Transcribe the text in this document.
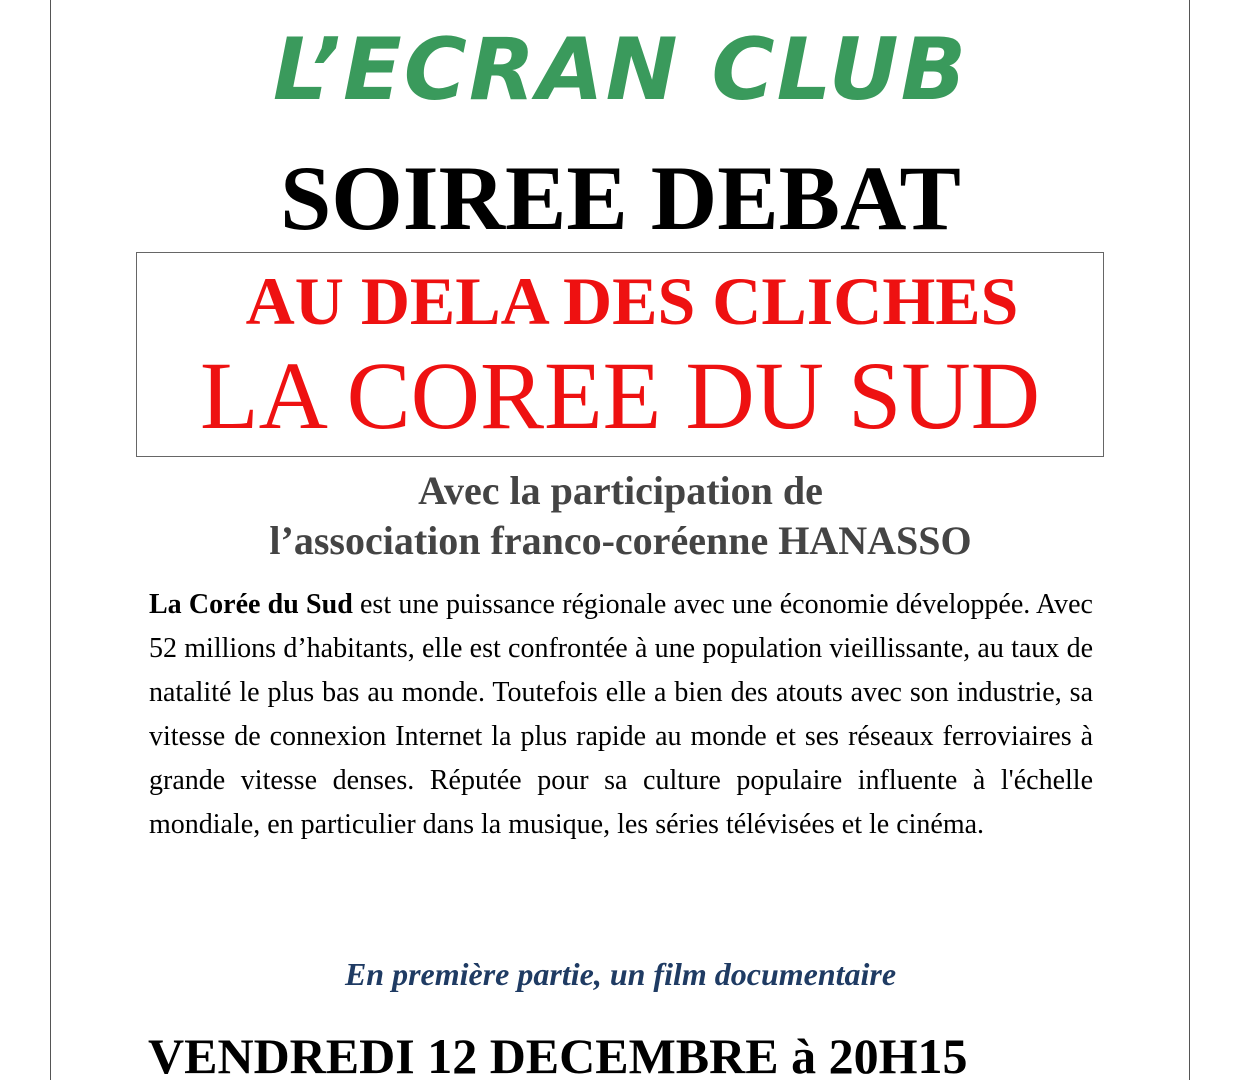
L’ECRAN CLUB
SOIREE DEBAT
AU DELA DES CLICHES
LA COREE DU SUD
Avec la participation de
l’association franco-coréenne HANASSO
La Corée du Sud est une puissance régionale avec une économie développée. Avec 52 millions d’habitants, elle est confrontée à une population vieillissante, au taux de natalité le plus bas au monde. Toutefois elle a bien des atouts avec son industrie, sa vitesse de connexion Internet la plus rapide au monde et ses réseaux ferroviaires à grande vitesse denses. Réputée pour sa culture populaire influente à l'échelle mondiale, en particulier dans la musique, les séries télévisées et le cinéma.
En première partie, un film documentaire
VENDREDI 12 DECEMBRE à 20H15
